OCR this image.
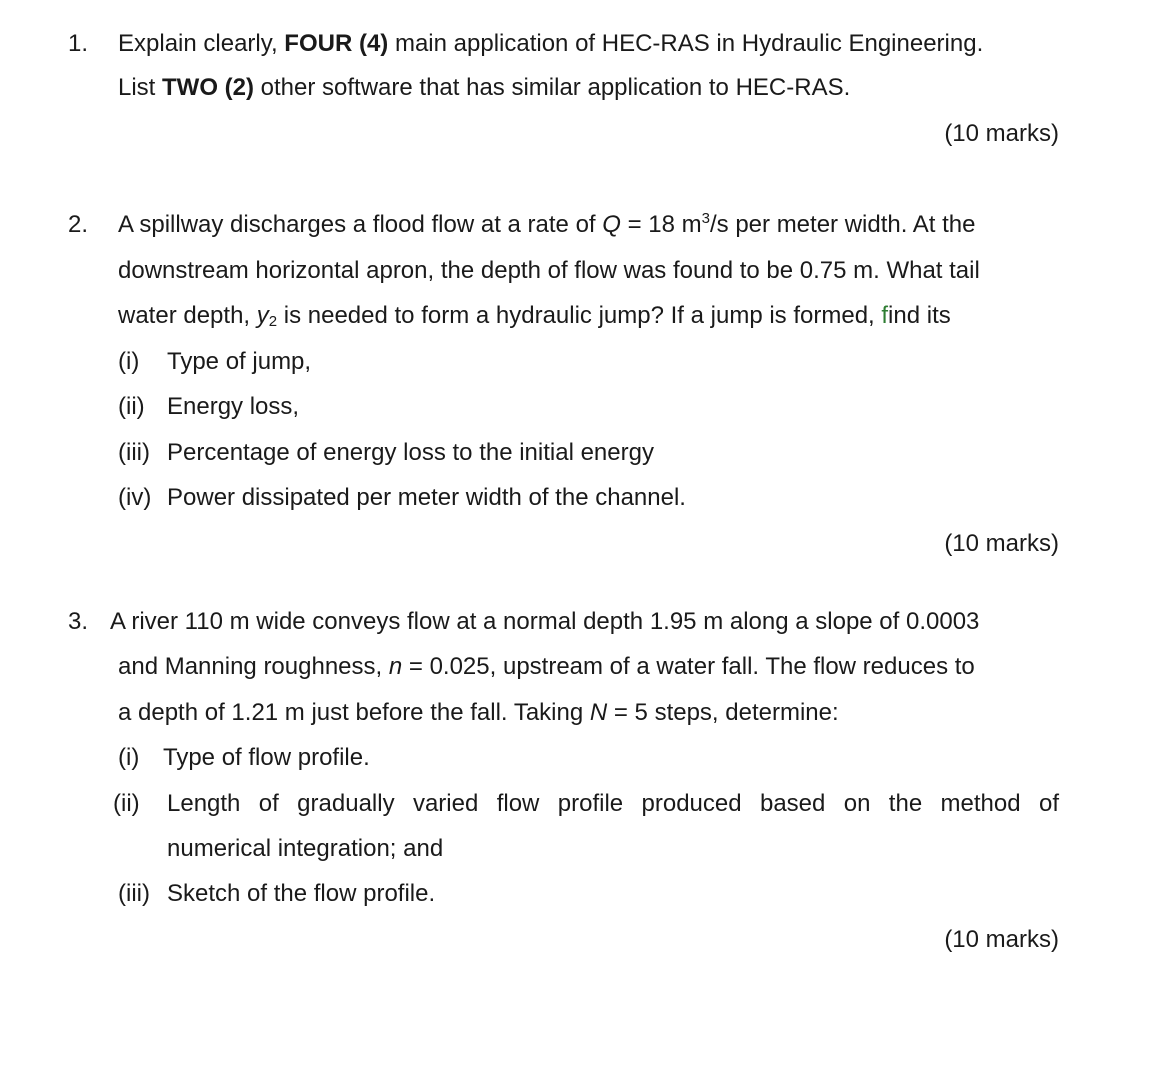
1. Explain clearly, FOUR (4) main application of HEC-RAS in Hydraulic Engineering.
List TWO (2) other software that has similar application to HEC-RAS.
(10 marks)
2. A spillway discharges a flood flow at a rate of Q = 18 $m^3/s$ per meter width. At the
downstream horizontal apron, the depth of flow was found to be 0.75 m. What tail
water depth, $y_2$ is needed to form a hydraulic jump? If a jump is formed, find its
(i) Type of jump,
(ii) Energy loss,
(iii) Percentage of energy loss to the initial energy
(iv) Power dissipated per meter width of the channel.
(10 marks)
3. A river 110 m wide conveys flow at a normal depth 1.95 m along a slope of 0.0003
and Manning roughness, n = 0.025, upstream of a water fall. The flow reduces to
a depth of 1.21 m just before the fall. Taking N = 5 steps, determine:
(i) Type of flow profile.
(ii) Length of gradually varied flow profile produced based on the method of
numerical integration; and
(iii) Sketch of the flow profile.
(10 marks)
